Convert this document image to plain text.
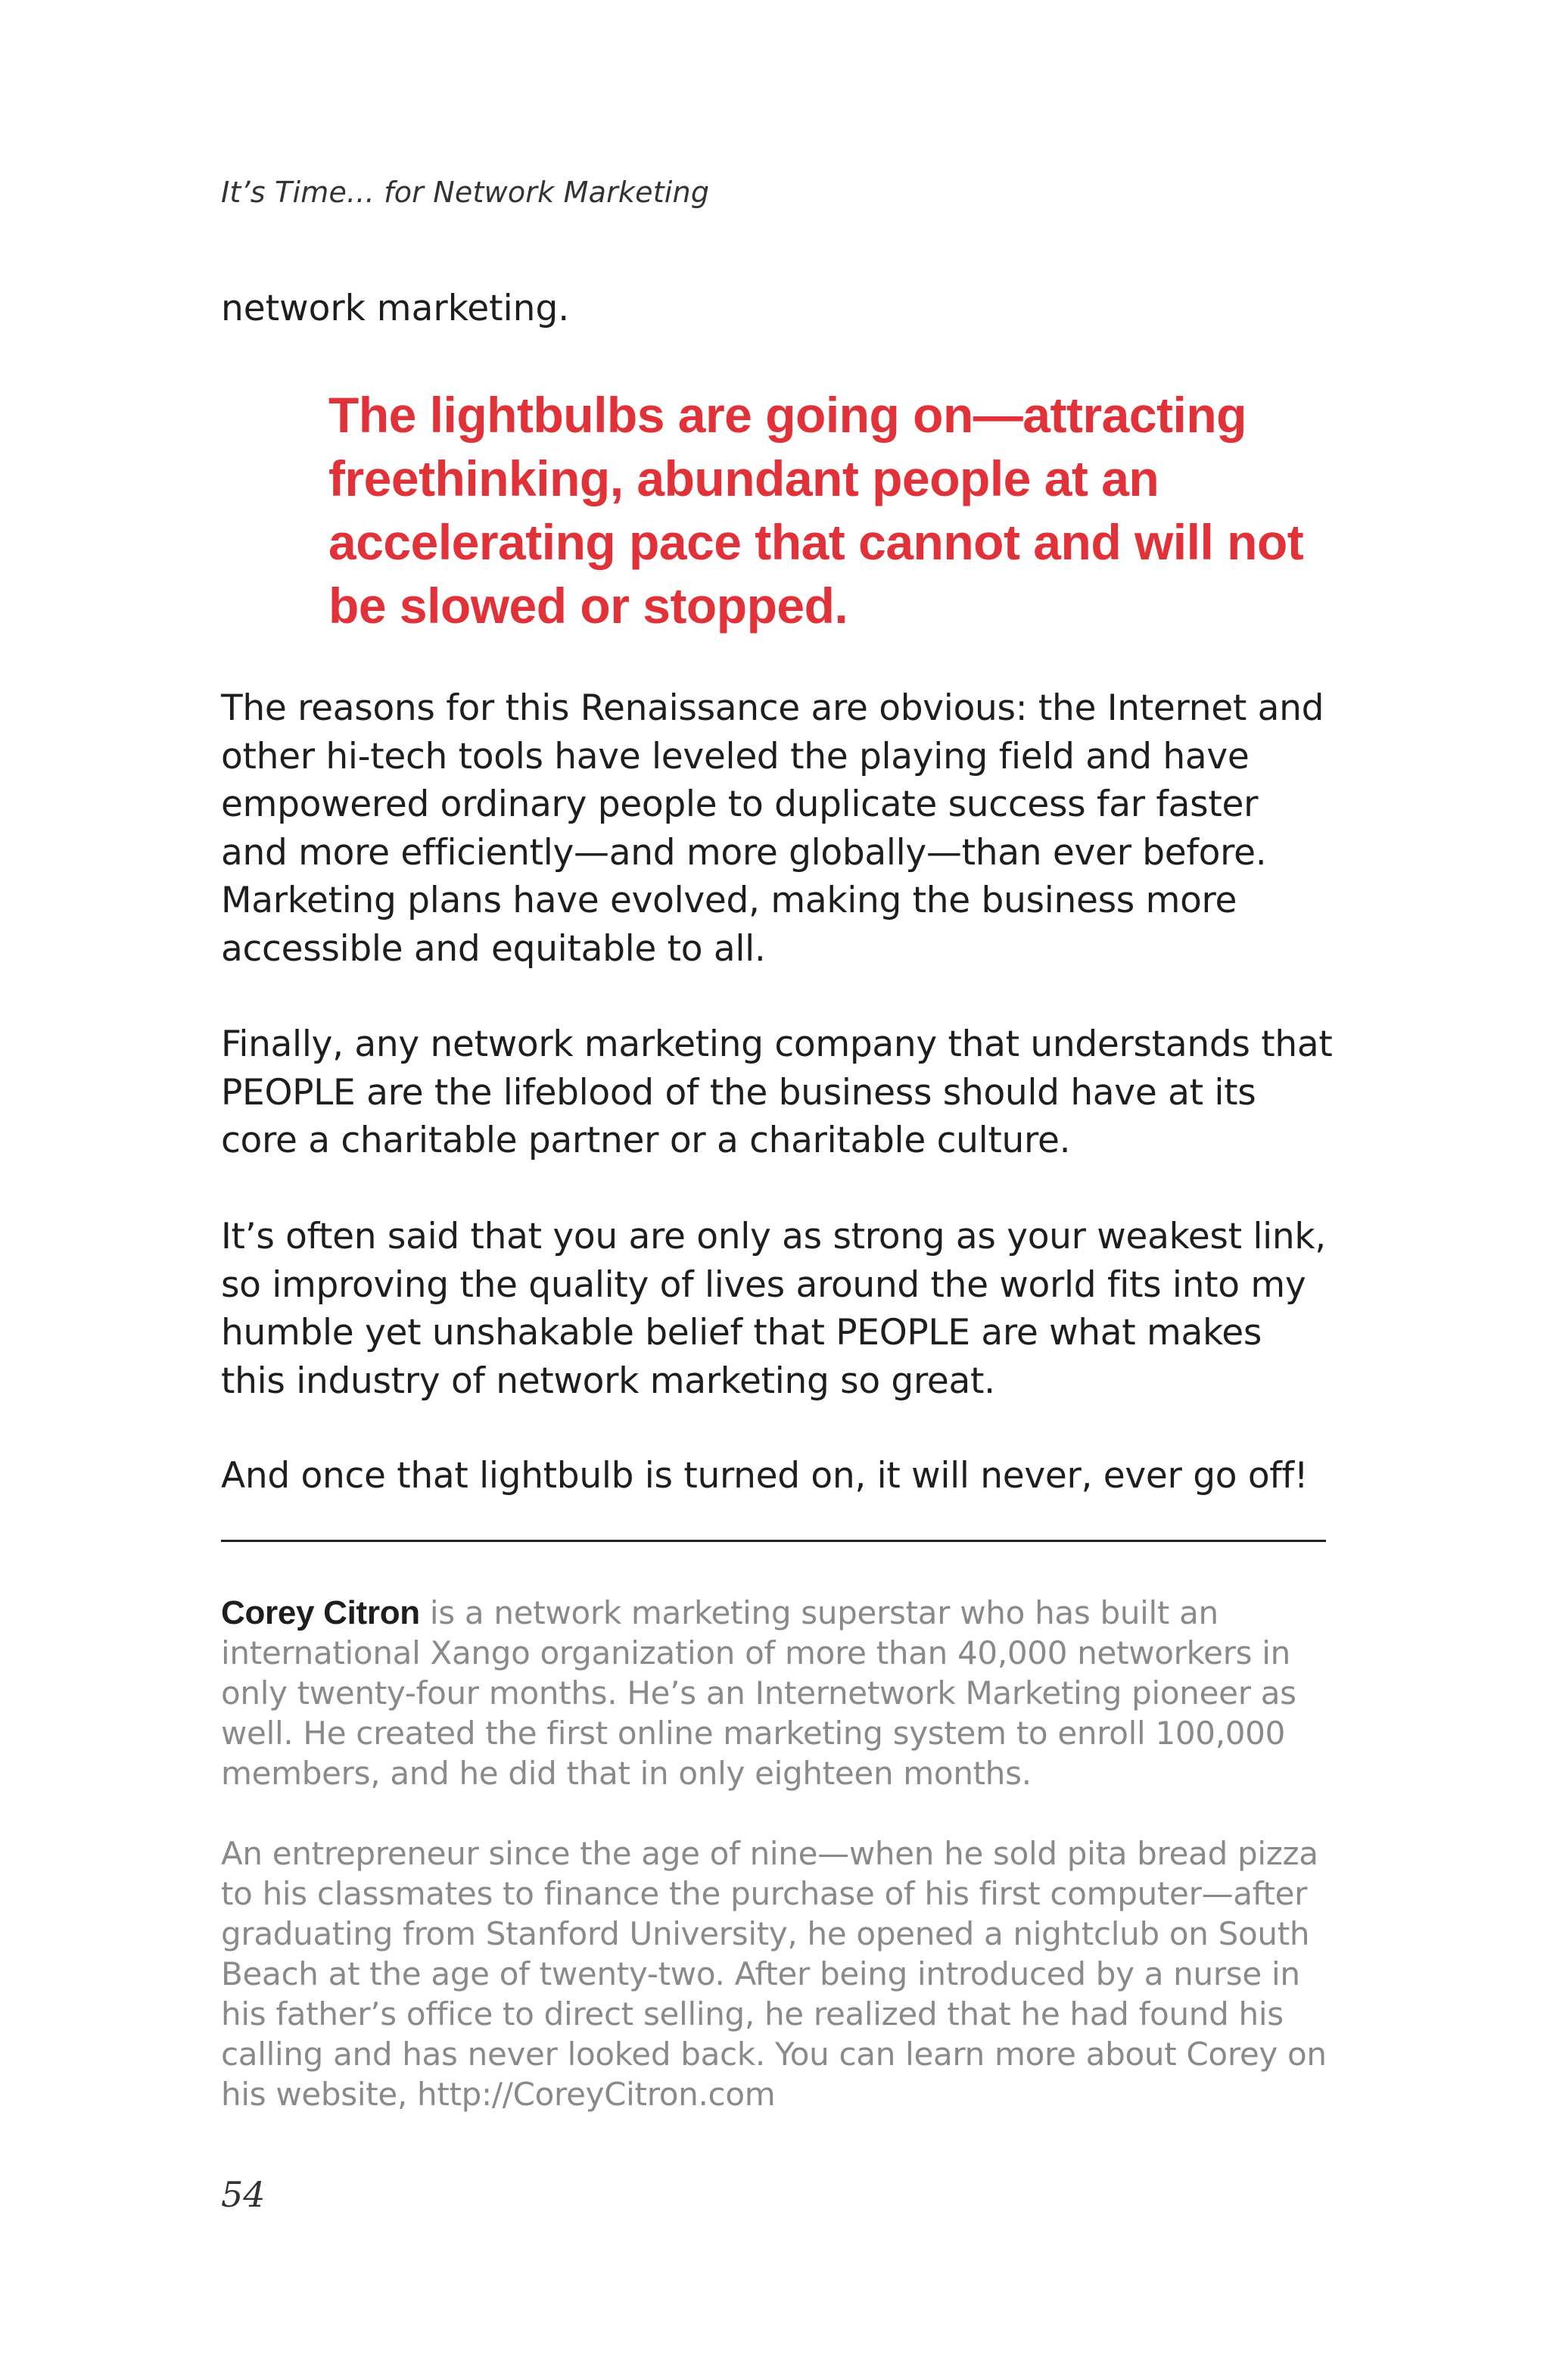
It’s Time... for Network Marketing

network marketing.

The lightbulbs are going on—attracting freethinking, abundant people at an accelerating pace that cannot and will not be slowed or stopped.

The reasons for this Renaissance are obvious: the Internet and other hi-tech tools have leveled the playing field and have empowered ordinary people to duplicate success far faster and more efficiently—and more globally—than ever before. Marketing plans have evolved, making the business more accessible and equitable to all.

Finally, any network marketing company that understands that PEOPLE are the lifeblood of the business should have at its core a charitable partner or a charitable culture.

It’s often said that you are only as strong as your weakest link, so improving the quality of lives around the world fits into my humble yet unshakable belief that PEOPLE are what makes this industry of network marketing so great.

And once that lightbulb is turned on, it will never, ever go off!

Corey Citron is a network marketing superstar who has built an international Xango organization of more than 40,000 networkers in only twenty-four months. He’s an Internetwork Marketing pioneer as well. He created the first online marketing system to enroll 100,000 members, and he did that in only eighteen months.

An entrepreneur since the age of nine—when he sold pita bread pizza to his classmates to finance the purchase of his first computer—after graduating from Stanford University, he opened a nightclub on South Beach at the age of twenty-two. After being introduced by a nurse in his father’s office to direct selling, he realized that he had found his calling and has never looked back. You can learn more about Corey on his website, http://CoreyCitron.com

54
